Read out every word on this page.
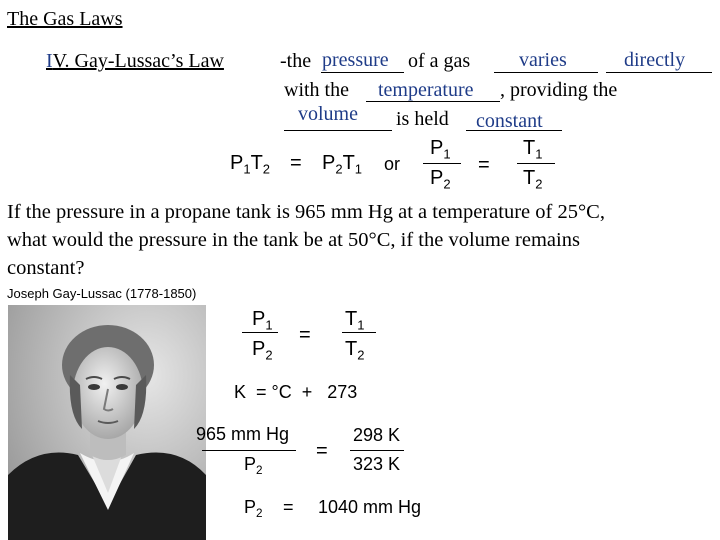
The Gas Laws
IV. Gay-Lussac’s Law	-the pressure of a gas varies	directly
with the temperature , providing the
volume is held constant
$P_1T_2 = P_2T_1$ or
$P_1$
$P_2$
=
$T_1$
$T_2$
If the pressure in a propane tank is 965 mm Hg at a temperature of 25°C,
what would the pressure in the tank be at 50°C, if the volume remains
constant?
Joseph Gay-Lussac (1778-1850)
$P_1$
$P_2$
=
$T_1$
$T_2$
K  = °C  +   273
965 mm Hg
$P_2$
=
298 K
323 K
$P_2 = 1040$ mm Hg
